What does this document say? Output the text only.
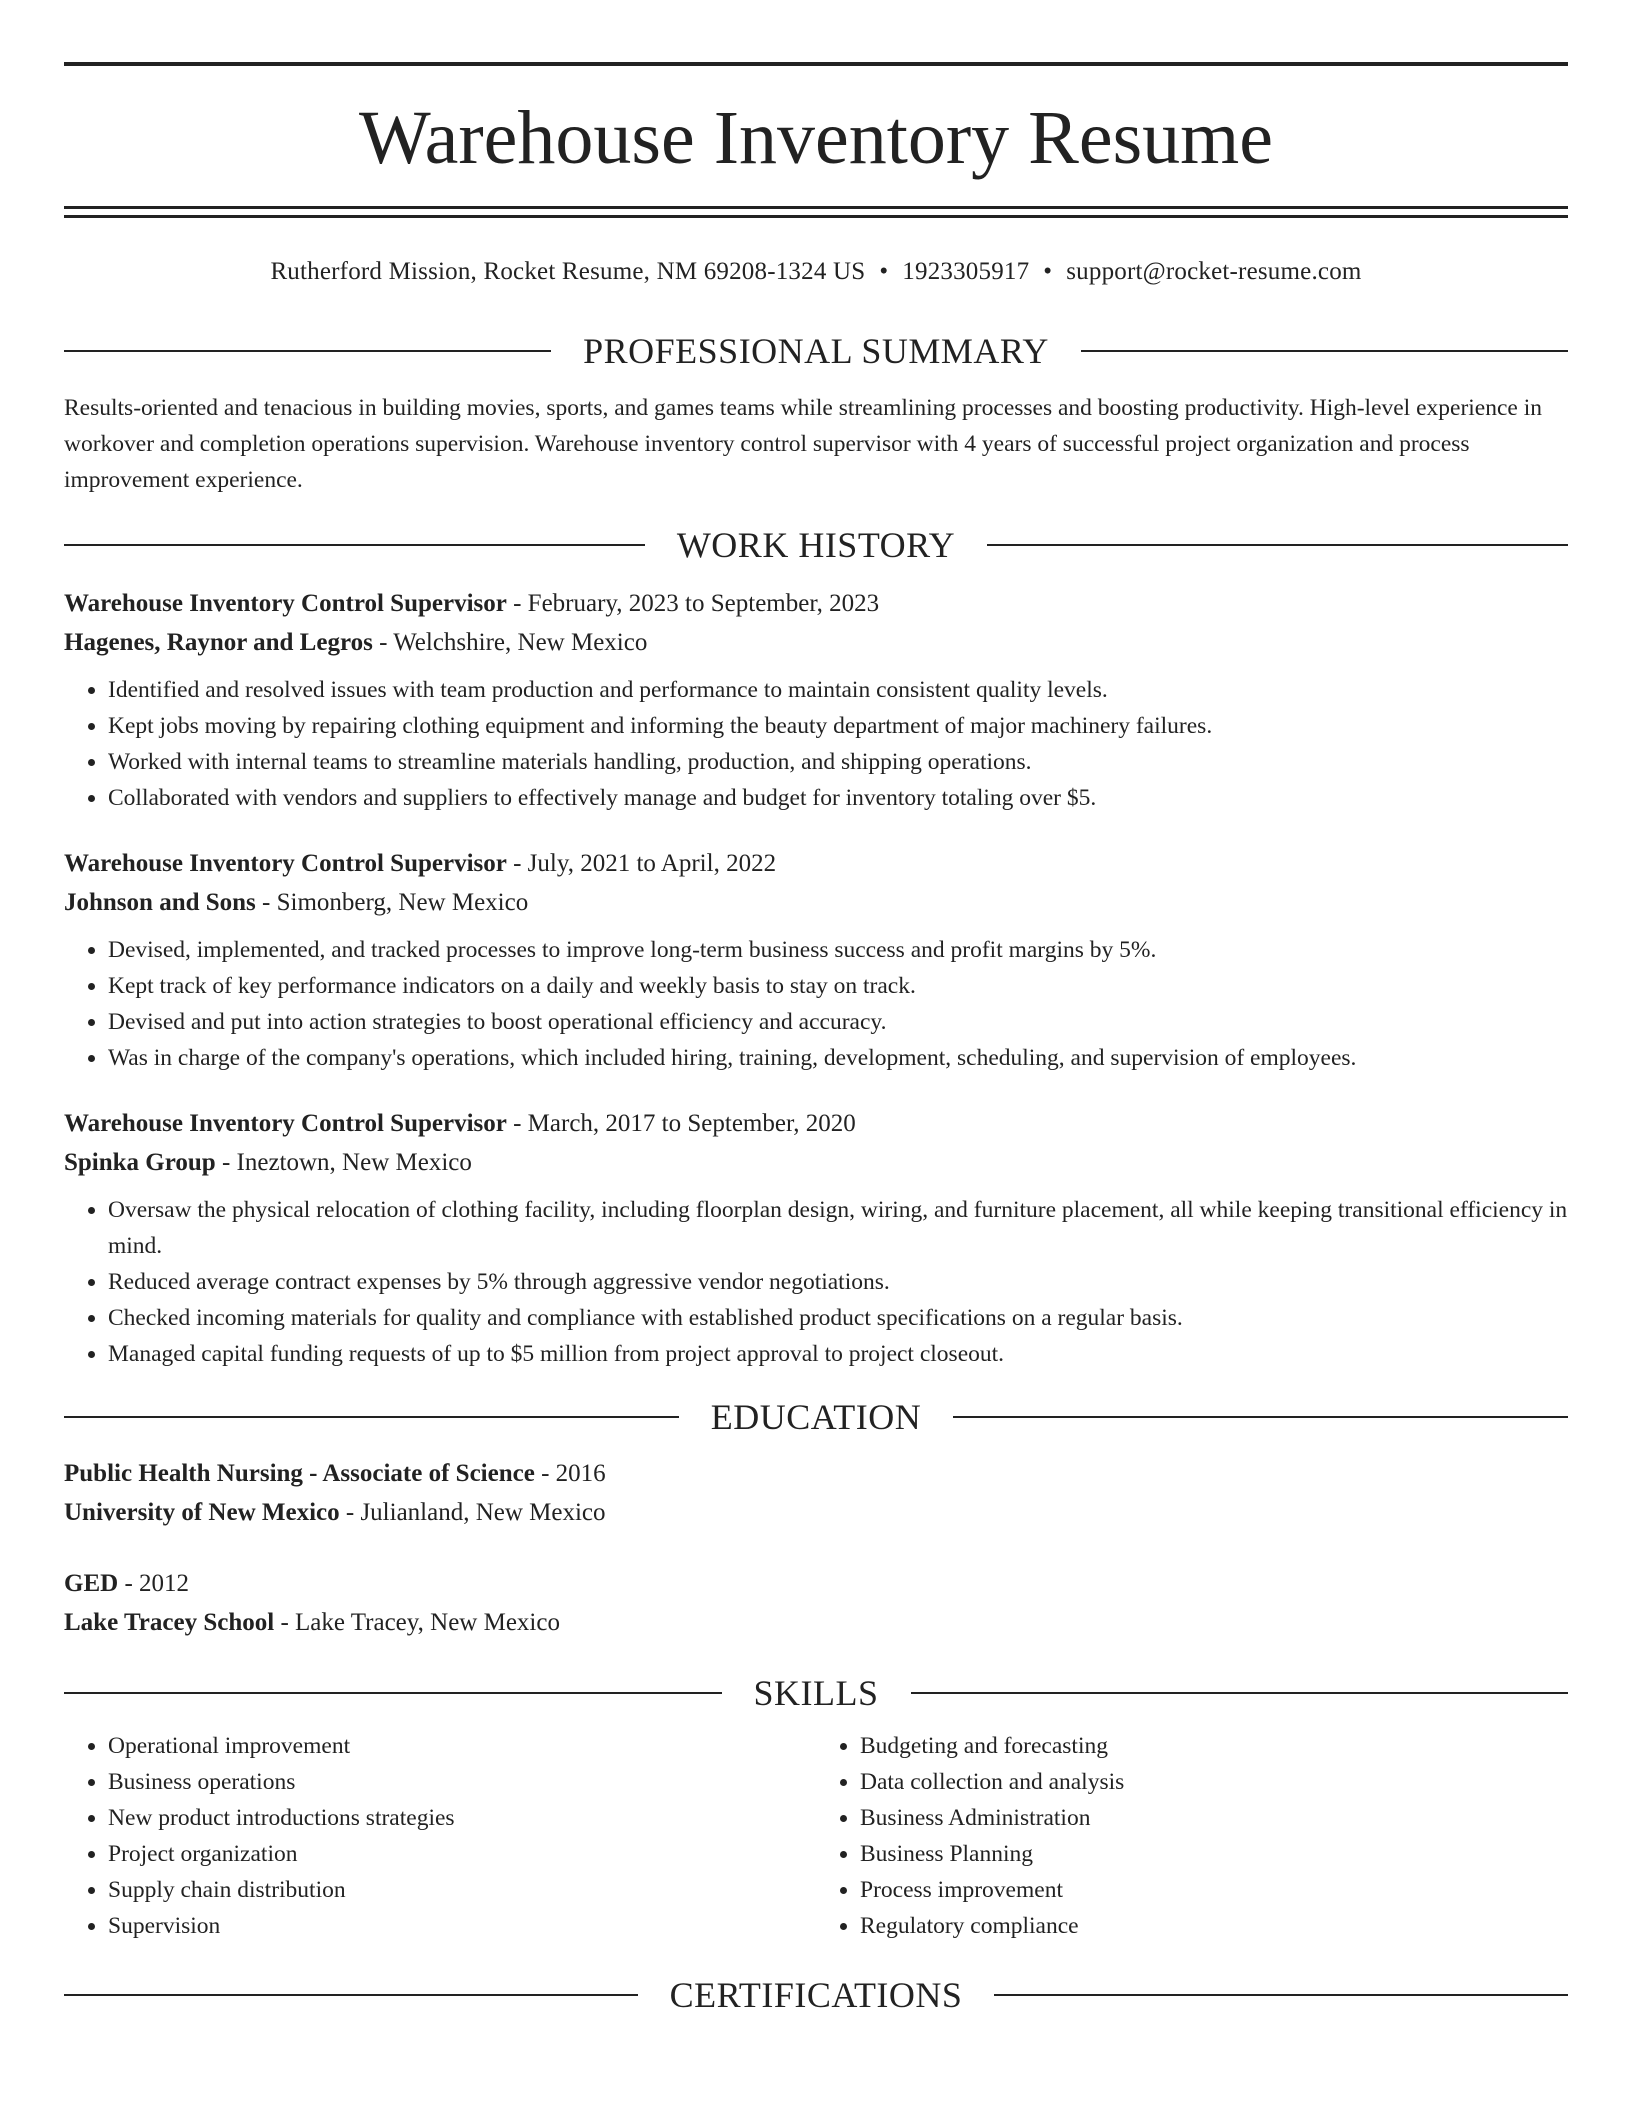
Warehouse Inventory Resume
Rutherford Mission, Rocket Resume, NM 69208-1324 US • 1923305917 • support@rocket-resume.com
PROFESSIONAL SUMMARY

Results-oriented and tenacious in building movies, sports, and games teams while streamlining processes and boosting productivity. High-level experience in workover and completion operations supervision. Warehouse inventory control supervisor with 4 years of successful project organization and process improvement experience.

WORK HISTORY
Warehouse Inventory Control Supervisor - February, 2023 to September, 2023
Hagenes, Raynor and Legros - Welchshire, New Mexico
• Identified and resolved issues with team production and performance to maintain consistent quality levels.
• Kept jobs moving by repairing clothing equipment and informing the beauty department of major machinery failures.
• Worked with internal teams to streamline materials handling, production, and shipping operations.
• Collaborated with vendors and suppliers to effectively manage and budget for inventory totaling over $5.
Warehouse Inventory Control Supervisor - July, 2021 to April, 2022
Johnson and Sons - Simonberg, New Mexico
• Devised, implemented, and tracked processes to improve long-term business success and profit margins by 5%.
• Kept track of key performance indicators on a daily and weekly basis to stay on track.
• Devised and put into action strategies to boost operational efficiency and accuracy.
• Was in charge of the company's operations, which included hiring, training, development, scheduling, and supervision of employees.
Warehouse Inventory Control Supervisor - March, 2017 to September, 2020
Spinka Group - Ineztown, New Mexico
• Oversaw the physical relocation of clothing facility, including floorplan design, wiring, and furniture placement, all while keeping transitional efficiency in mind.
• Reduced average contract expenses by 5% through aggressive vendor negotiations.
• Checked incoming materials for quality and compliance with established product specifications on a regular basis.
• Managed capital funding requests of up to $5 million from project approval to project closeout.
EDUCATION
Public Health Nursing - Associate of Science - 2016
University of New Mexico - Julianland, New Mexico
GED - 2012
Lake Tracey School - Lake Tracey, New Mexico
SKILLS
• Operational improvement
• Business operations
• New product introductions strategies
• Project organization
• Supply chain distribution
• Supervision
• Budgeting and forecasting
• Data collection and analysis
• Business Administration
• Business Planning
• Process improvement
• Regulatory compliance
CERTIFICATIONS
